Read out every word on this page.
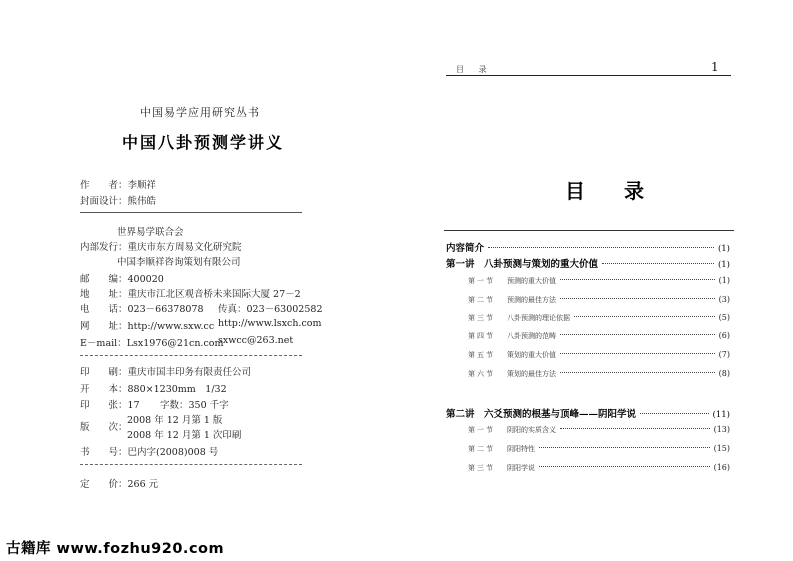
中国易学应用研究丛书
中国八卦预测学讲义
作　　者：李顺祥
封面设计：熊伟皓
世界易学联合会
内部发行：重庆市东方周易文化研究院
中国李顺祥咨询策划有限公司
邮　　编：400020
地　　址：重庆市江北区观音桥未来国际大厦 27－2
电　　话：023－66378078 传真：023－63002582
网　　址：http://www.sxw.cc http://www.lsxch.com
E－mail：Lsx1976@21cn.com
sxwcc@263.net
印　　刷：重庆市国丰印务有限责任公司
开　　本：880×1230mm　1/32
印　　张：17 字数：350 千字
版　　次：
2008 年 12 月第 1 版
2008 年 12 月第 1 次印刷
书　　号：巴内字(2008)008 号
定　　价：266 元
目 录	1
目 录
内容简介	(1)
第一讲　八卦预测与策划的重大价值	(1)
第一节 预测的重大价值	(1)
第二节 预测的最佳方法	(3)
第三节 八卦预测的理论依据	(5)
第四节 八卦预测的范畴	(6)
第五节 策划的重大价值	(7)
第六节 策划的最佳方法	(8)
第二讲　六爻预测的根基与顶峰——阴阳学说	(11)
第一节 阴阳的实质含义	(13)
第二节 阴阳特性	(15)
第三节 阴阳学说	(16)
古籍库 www.fozhu920.com
